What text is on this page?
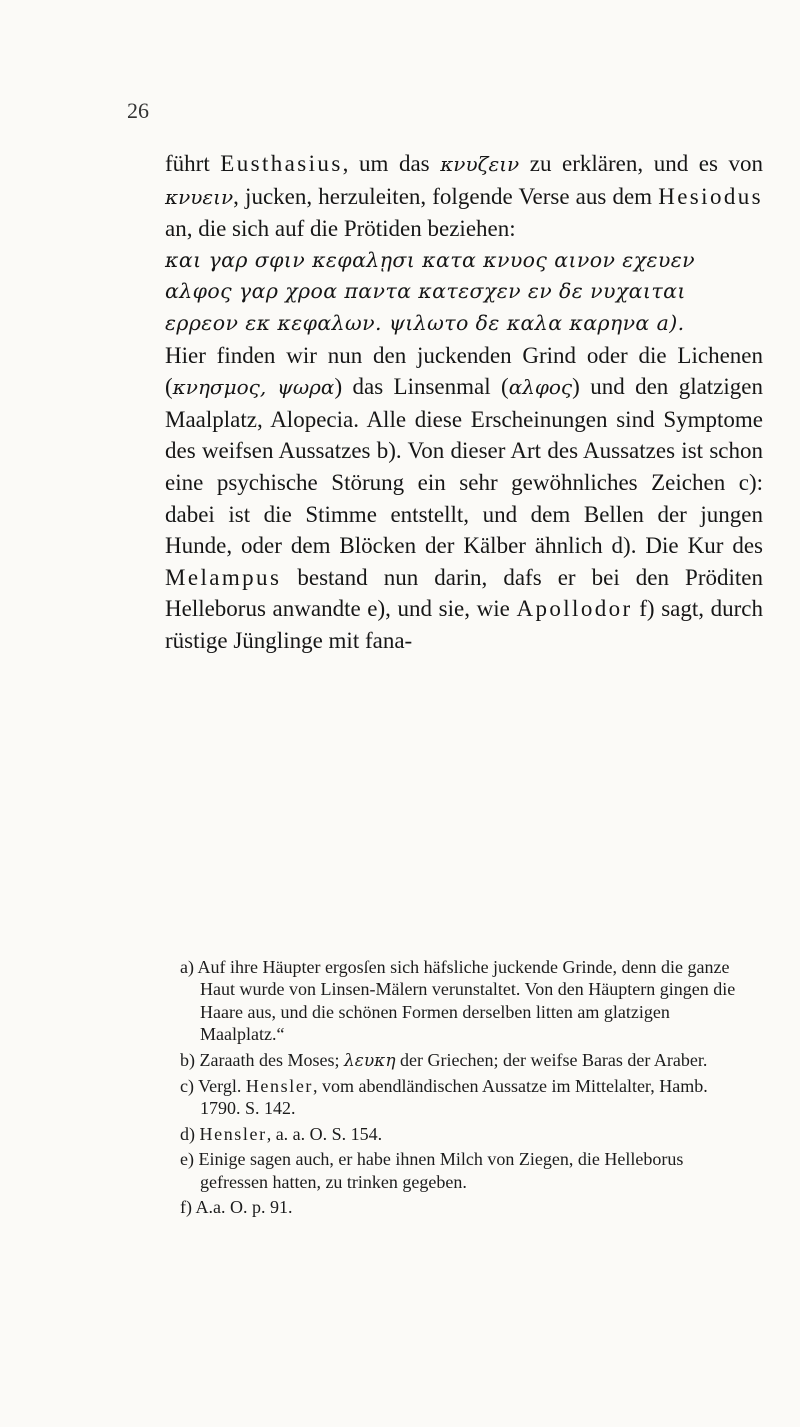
26

führt Eusthasius, um das κνυζειν zu erklären, und es von κνυειν, jucken, herzuleiten, folgende Verse aus dem Hesiodus an, die sich auf die Prötiden beziehen:

και γαρ σφιν κεφαλῃσι κατα κνυος αινον εχευεν
αλφος γαρ χροα παντα κατεσχεν εν δε νυχαιται
ερρεον εκ κεφαλων. ψιλωτο δε καλα καρηνα a).

Hier finden wir nun den juckenden Grind oder die Lichenen (κνησμος, ψωρα) das Linsenmal (αλφος) und den glatzigen Maalplatz, Alopecia. Alle diese Erscheinungen sind Symptome des weifsen Aussatzes b). Von dieser Art des Aussatzes ist schon eine psychische Störung ein sehr gewöhnliches Zeichen c): dabei ist die Stimme entstellt, und dem Bellen der jungen Hunde, oder dem Blöcken der Kälber ähnlich d). Die Kur des Melampus bestand nun darin, dafs er bei den Pröditen Helleborus anwandte e), und sie, wie Apollodor f) sagt, durch rüstige Jünglinge mit fana-

a) Auf ihre Häupter ergosſen sich häfsliche juckende Grinde, denn die ganze Haut wurde von Linsen-Mälern verunstaltet. Von den Häuptern gingen die Haare aus, und die schönen Formen derselben litten am glatzigen Maalplatz.“

b) Zaraath des Moses; λευκη der Griechen; der weifse Baras der Araber.

c) Vergl. Hensler, vom abendländischen Aussatze im Mittelalter, Hamb. 1790. S. 142.

d) Hensler, a. a. O. S. 154.

e) Einige sagen auch, er habe ihnen Milch von Ziegen, die Helleborus gefressen hatten, zu trinken gegeben.

f) A.a. O. p. 91.
